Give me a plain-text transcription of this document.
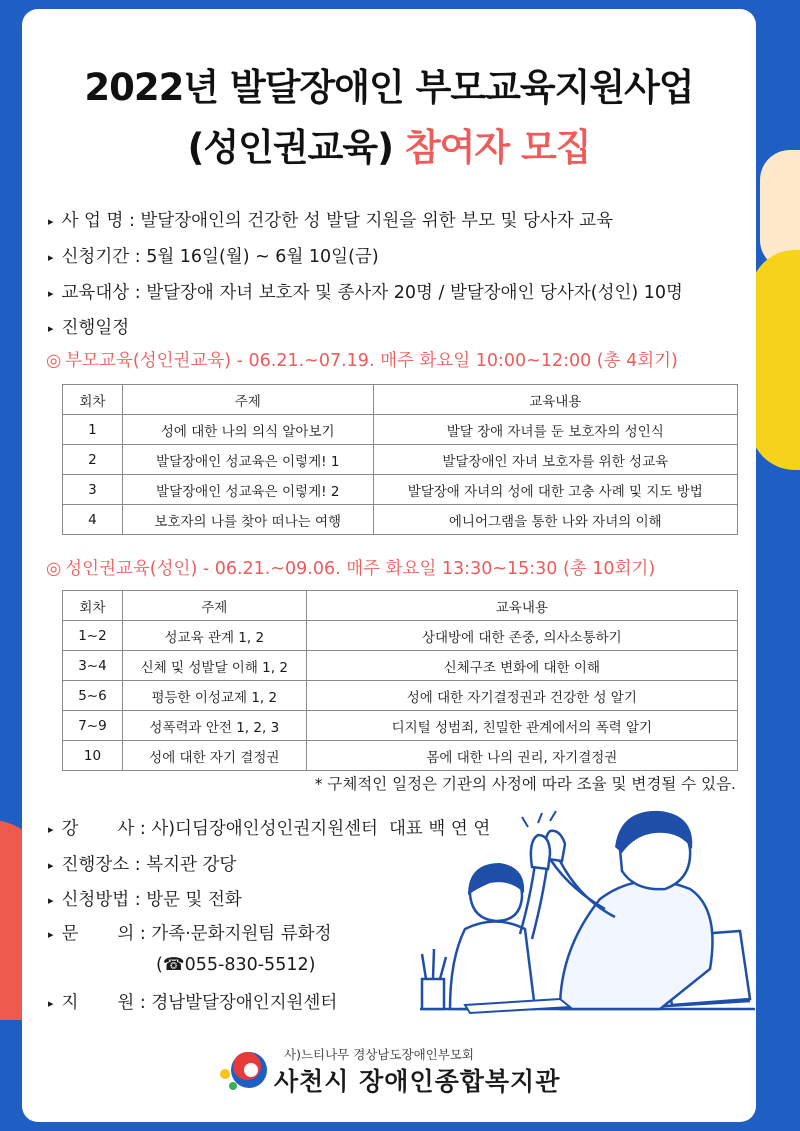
2022년 발달장애인 부모교육지원사업
(성인권교육) 참여자 모집
▸ 사 업 명 : 발달장애인의 건강한 성 발달 지원을 위한 부모 및 당사자 교육
▸ 신청기간 : 5월 16일(월) ~ 6월 10일(금)
▸ 교육대상 : 발달장애 자녀 보호자 및 종사자 20명 / 발달장애인 당사자(성인) 10명
▸ 진행일정
◎ 부모교육(성인권교육) - 06.21.~07.19. 매주 화요일 10:00~12:00 (총 4회기)
회차	주제	교육내용
1	성에 대한 나의 의식 알아보기	발달 장애 자녀를 둔 보호자의 성인식
2	발달장애인 성교육은 이렇게! 1	발달장애인 자녀 보호자를 위한 성교육
3	발달장애인 성교육은 이렇게! 2	발달장애 자녀의 성에 대한 고충 사례 및 지도 방법
4	보호자의 나를 찾아 떠나는 여행	에니어그램을 통한 나와 자녀의 이해
◎ 성인권교육(성인) - 06.21.~09.06. 매주 화요일 13:30~15:30 (총 10회기)
회차	주제	교육내용
1~2	성교육 관계 1, 2	상대방에 대한 존중, 의사소통하기
3~4	신체 및 성발달 이해 1, 2	신체구조 변화에 대한 이해
5~6	평등한 이성교제 1, 2	성에 대한 자기결정권과 건강한 성 알기
7~9	성폭력과 안전 1, 2, 3	디지털 성범죄, 친밀한 관계에서의 폭력 알기
10	성에 대한 자기 결정권	몸에 대한 나의 권리, 자기결정권
* 구체적인 일정은 기관의 사정에 따라 조율 및 변경될 수 있음.
▸ 강       사 : 사)디딤장애인성인권지원센터  대표 백 연 연
▸ 진행장소 : 복지관 강당
▸ 신청방법 : 방문 및 전화
▸ 문       의 : 가족·문화지원팀 류화정
(☎055-830-5512)
▸ 지       원 : 경남발달장애인지원센터
사)느티나무 경상남도장애인부모회
사천시 장애인종합복지관
